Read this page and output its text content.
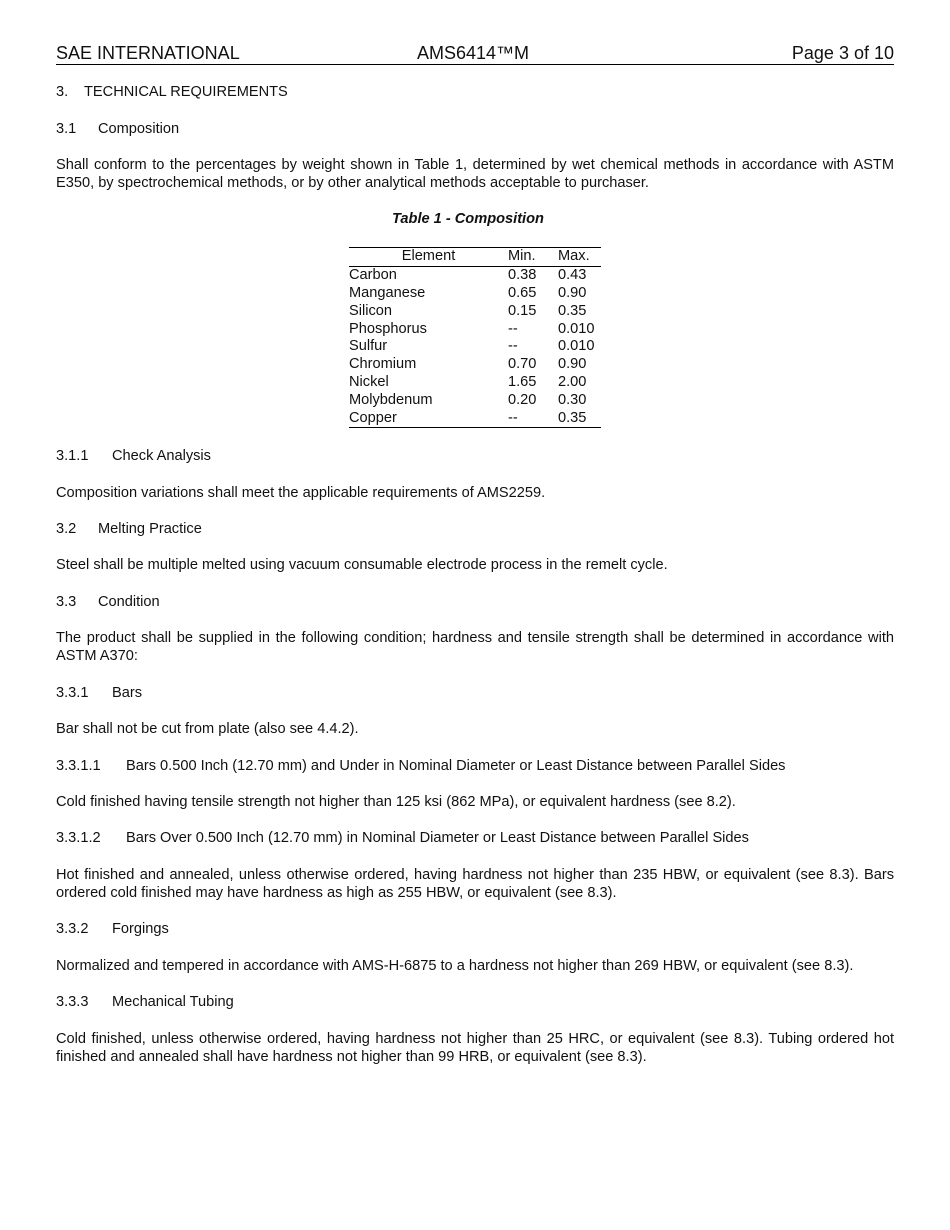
SAE INTERNATIONAL	AMS6414™M	Page 3 of 10
3. TECHNICAL REQUIREMENTS
3.1 Composition
Shall conform to the percentages by weight shown in Table 1, determined by wet chemical methods in accordance with ASTM E350, by spectrochemical methods, or by other analytical methods acceptable to purchaser.
Table 1 - Composition
Element	Min.	Max.
Carbon	0.38	0.43
Manganese	0.65	0.90
Silicon	0.15	0.35
Phosphorus	--	0.010
Sulfur	--	0.010
Chromium	0.70	0.90
Nickel	1.65	2.00
Molybdenum	0.20	0.30
Copper	--	0.35
3.1.1 Check Analysis
Composition variations shall meet the applicable requirements of AMS2259.
3.2 Melting Practice
Steel shall be multiple melted using vacuum consumable electrode process in the remelt cycle.
3.3 Condition
The product shall be supplied in the following condition; hardness and tensile strength shall be determined in accordance with ASTM A370:
3.3.1 Bars
Bar shall not be cut from plate (also see 4.4.2).
3.3.1.1 Bars 0.500 Inch (12.70 mm) and Under in Nominal Diameter or Least Distance between Parallel Sides
Cold finished having tensile strength not higher than 125 ksi (862 MPa), or equivalent hardness (see 8.2).
3.3.1.2 Bars Over 0.500 Inch (12.70 mm) in Nominal Diameter or Least Distance between Parallel Sides
Hot finished and annealed, unless otherwise ordered, having hardness not higher than 235 HBW, or equivalent (see 8.3). Bars ordered cold finished may have hardness as high as 255 HBW, or equivalent (see 8.3).
3.3.2 Forgings
Normalized and tempered in accordance with AMS-H-6875 to a hardness not higher than 269 HBW, or equivalent (see 8.3).
3.3.3 Mechanical Tubing
Cold finished, unless otherwise ordered, having hardness not higher than 25 HRC, or equivalent (see 8.3). Tubing ordered hot finished and annealed shall have hardness not higher than 99 HRB, or equivalent (see 8.3).
